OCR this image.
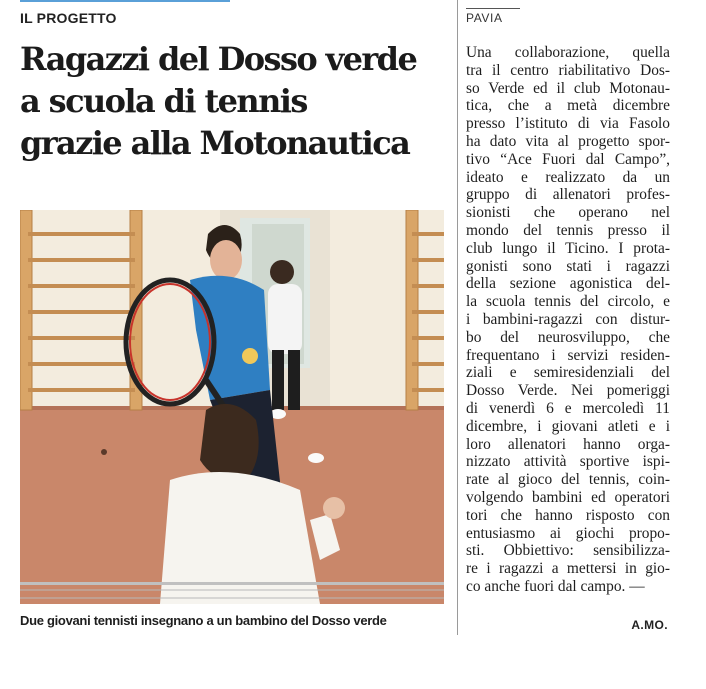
IL PROGETTO
Ragazzi del Dosso verde
a scuola di tennis
grazie alla Motonautica
Due giovani tennisti insegnano a un bambino del Dosso verde
PAVIA
Una collaborazione, quella
tra il centro riabilitativo Dos-
so Verde ed il club Motonau-
tica, che a metà dicembre
presso l’istituto di via Fasolo
ha dato vita al progetto spor-
tivo “Ace Fuori dal Campo”,
ideato e realizzato da un
gruppo di allenatori profes-
sionisti che operano nel
mondo del tennis presso il
club lungo il Ticino. I prota-
gonisti sono stati i ragazzi
della sezione agonistica del-
la scuola tennis del circolo, e
i bambini-ragazzi con distur-
bo del neurosviluppo, che
frequentano i servizi residen-
ziali e semiresidenziali del
Dosso Verde. Nei pomeriggi
di venerdì 6 e mercoledì 11
dicembre, i giovani atleti e i
loro allenatori hanno orga-
nizzato attività sportive ispi-
rate al gioco del tennis, coin-
volgendo bambini ed operatori
tori che hanno risposto con
entusiasmo ai giochi propo-
sti. Obbiettivo: sensibilizza-
re i ragazzi a mettersi in gio-
co anche fuori dal campo. —
A.MO.
